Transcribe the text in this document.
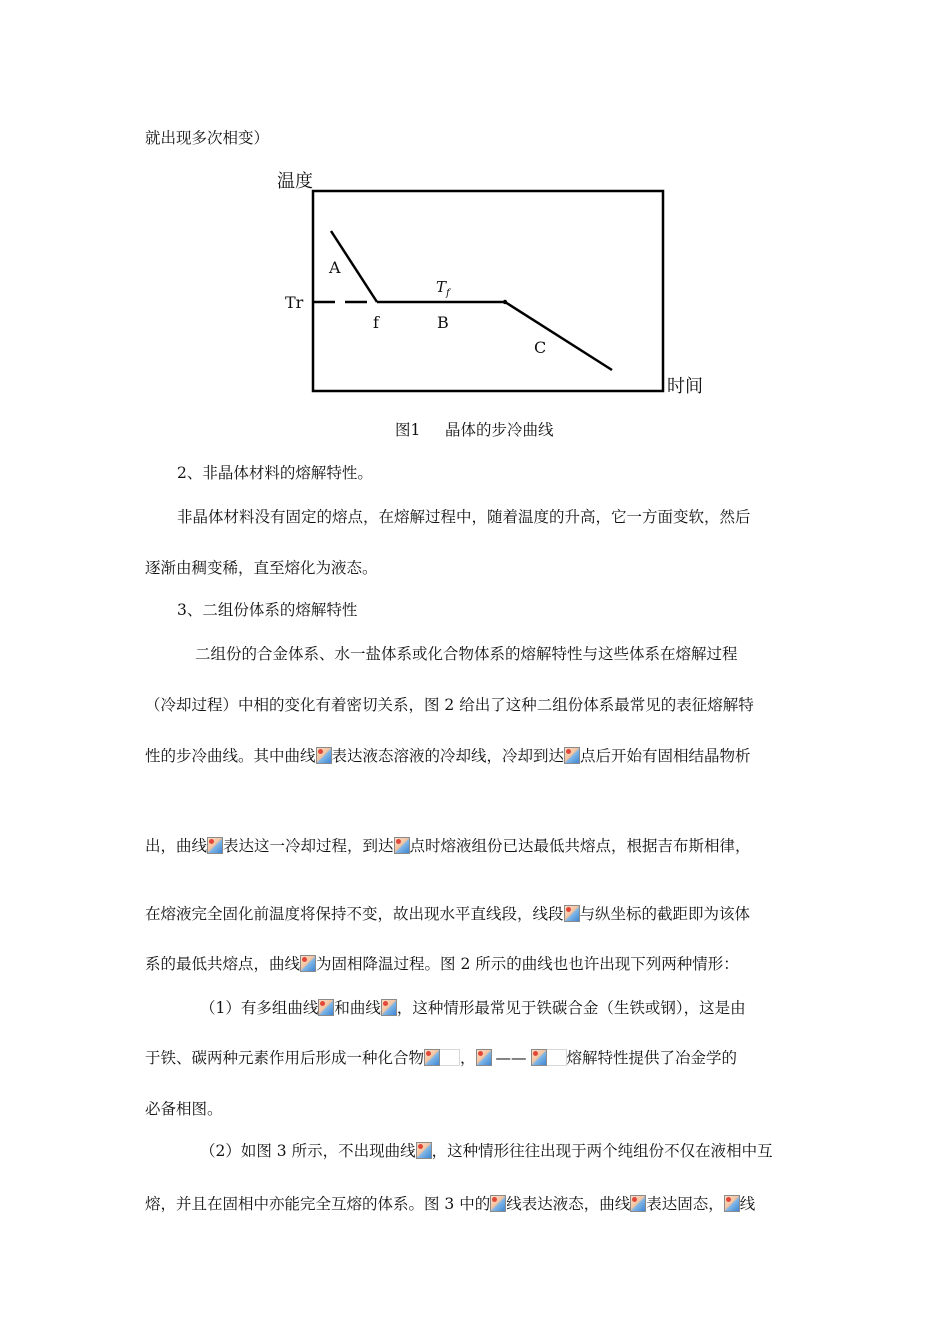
就出现多次相变）
温度
时间
A
Tr
$T_f$
f	B
C
图1     晶体的步冷曲线
2、非晶体材料的熔解特性。
非晶体材料没有固定的熔点，在熔解过程中，随着温度的升高，它一方面变软，然后
逐渐由稠变稀，直至熔化为液态。
3、二组份体系的熔解特性
二组份的合金体系、水一盐体系或化合物体系的熔解特性与这些体系在熔解过程
（冷却过程）中相的变化有着密切关系，图 2 给出了这种二组份体系最常见的表征熔解特
性的步冷曲线。其中曲线 表达液态溶液的冷却线，冷却到达 点后开始有固相结晶物析
出，曲线 表达这一冷却过程，到达 点时熔液组份已达最低共熔点，根据吉布斯相律，
在熔液完全固化前温度将保持不变，故出现水平直线段，线段 与纵坐标的截距即为该体
系的最低共熔点，曲线 为固相降温过程。图 2 所示的曲线也也许出现下列两种情形：
（1）有多组曲线 和曲线 ，这种情形最常见于铁碳合金（生铁或钢），这是由
于铁、碳两种元素作用后形成一种化合物 ， ——	熔解特性提供了冶金学的
必备相图。
（2）如图 3 所示，不出现曲线 ，这种情形往往出现于两个纯组份不仅在液相中互
熔，并且在固相中亦能完全互熔的体系。图 3 中的 线表达液态，曲线 表达固态， 线
